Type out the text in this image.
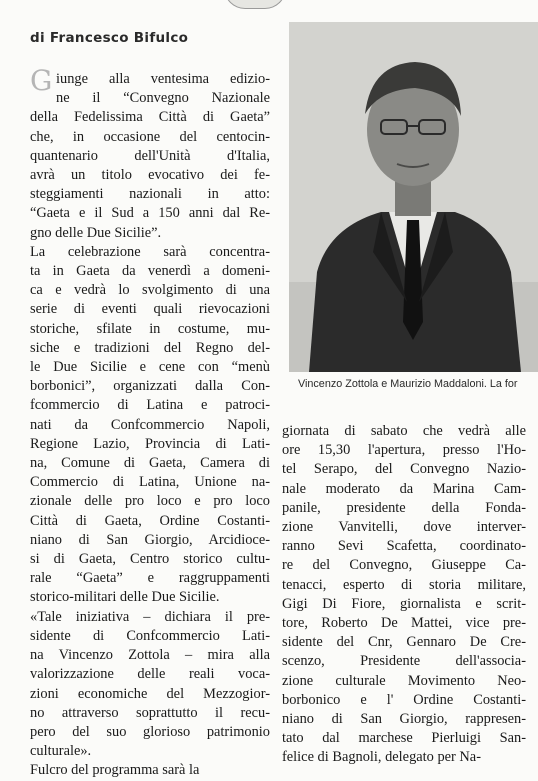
di Francesco Bifulco
G iunge alla ventesima edizio-
ne il “Convegno Nazionale
della Fedelissima Città di Gaeta”
che, in occasione del centocin-
quantenario dell'Unità d'Italia,
avrà un titolo evocativo dei fe-
steggiamenti nazionali in atto:
“Gaeta e il Sud a 150 anni dal Re-
gno delle Due Sicilie”.
La celebrazione sarà concentra-
ta in Gaeta da venerdì a domeni-
ca e vedrà lo svolgimento di una
serie di eventi quali rievocazioni
storiche, sfilate in costume, mu-
siche e tradizioni del Regno del-
le Due Sicilie e cene con “menù
borbonici”, organizzati dalla Con-
fcommercio di Latina e patroci-
nati da Confcommercio Napoli,
Regione Lazio, Provincia di Lati-
na, Comune di Gaeta, Camera di
Commercio di Latina, Unione na-
zionale delle pro loco e pro loco
Città di Gaeta, Ordine Costanti-
niano di San Giorgio, Arcidioce-
si di Gaeta, Centro storico cultu-
rale “Gaeta” e raggruppamenti
storico-militari delle Due Sicilie.
«Tale iniziativa – dichiara il pre-
sidente di Confcommercio Lati-
na Vincenzo Zottola – mira alla
valorizzazione delle reali voca-
zioni economiche del Mezzogior-
no attraverso soprattutto il recu-
pero del suo glorioso patrimonio
culturale».
Fulcro del programma sarà la
Vincenzo Zottola e Maurizio Maddaloni. La for
giornata di sabato che vedrà alle
ore 15,30 l'apertura, presso l'Ho-
tel Serapo, del Convegno Nazio-
nale moderato da Marina Cam-
panile, presidente della Fonda-
zione Vanvitelli, dove interver-
ranno Sevi Scafetta, coordinato-
re del Convegno, Giuseppe Ca-
tenacci, esperto di storia militare,
Gigi Di Fiore, giornalista e scrit-
tore, Roberto De Mattei, vice pre-
sidente del Cnr, Gennaro De Cre-
scenzo, Presidente dell'associa-
zione culturale Movimento Neo-
borbonico e l' Ordine Costanti-
niano di San Giorgio, rappresen-
tato dal marchese Pierluigi San-
felice di Bagnoli, delegato per Na-
